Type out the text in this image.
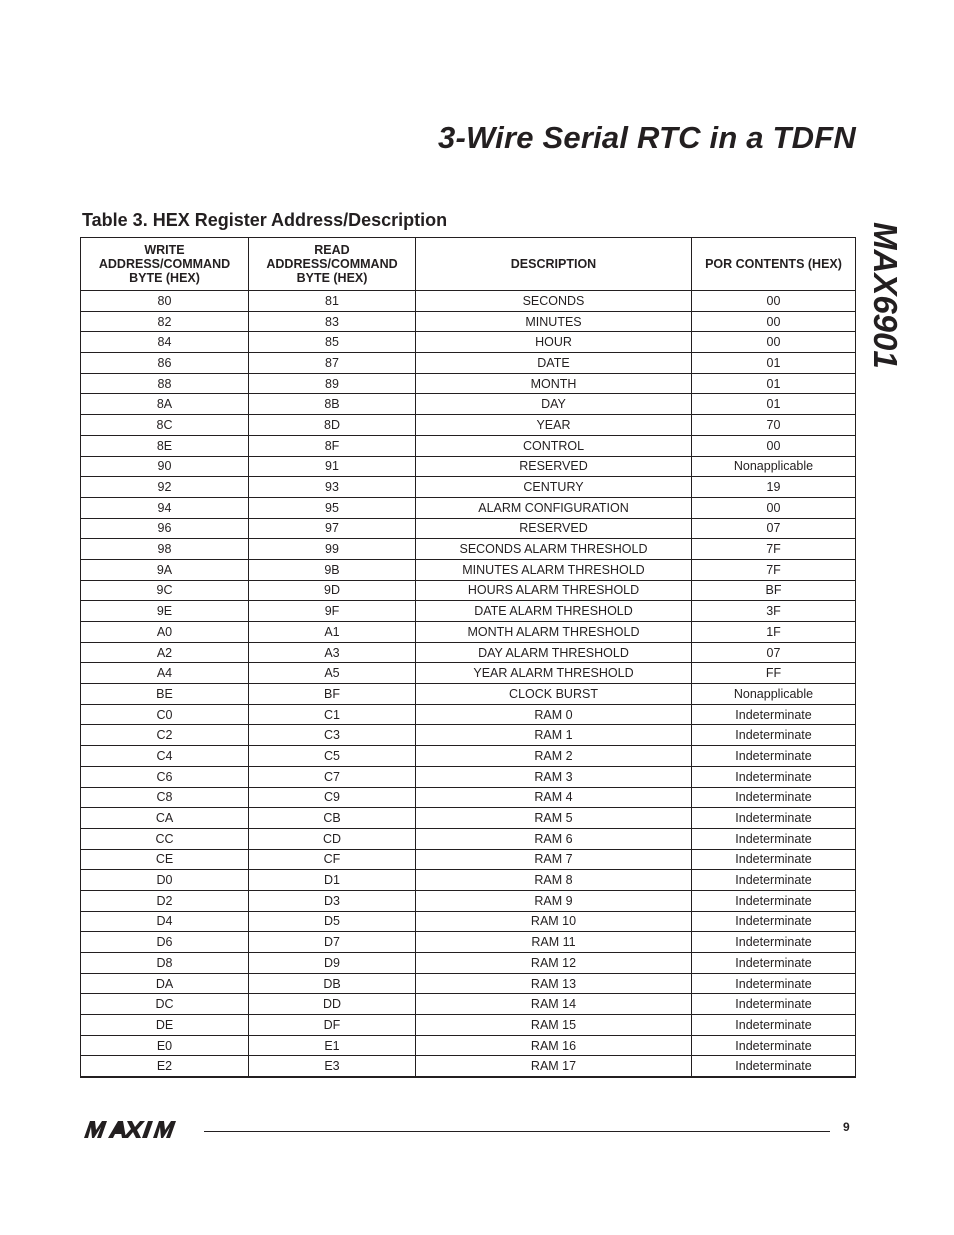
3-Wire Serial RTC in a TDFN
MAX6901
Table 3. HEX Register Address/Description
WRITE ADDRESS/COMMAND BYTE (HEX)	READ ADDRESS/COMMAND BYTE (HEX)	DESCRIPTION	POR CONTENTS (HEX)
80	81	SECONDS	00
82	83	MINUTES	00
84	85	HOUR	00
86	87	DATE	01
88	89	MONTH	01
8A	8B	DAY	01
8C	8D	YEAR	70
8E	8F	CONTROL	00
90	91	RESERVED	Nonapplicable
92	93	CENTURY	19
94	95	ALARM CONFIGURATION	00
96	97	RESERVED	07
98	99	SECONDS ALARM THRESHOLD	7F
9A	9B	MINUTES ALARM THRESHOLD	7F
9C	9D	HOURS ALARM THRESHOLD	BF
9E	9F	DATE ALARM THRESHOLD	3F
A0	A1	MONTH ALARM THRESHOLD	1F
A2	A3	DAY ALARM THRESHOLD	07
A4	A5	YEAR ALARM THRESHOLD	FF
BE	BF	CLOCK BURST	Nonapplicable
C0	C1	RAM 0	Indeterminate
C2	C3	RAM 1	Indeterminate
C4	C5	RAM 2	Indeterminate
C6	C7	RAM 3	Indeterminate
C8	C9	RAM 4	Indeterminate
CA	CB	RAM 5	Indeterminate
CC	CD	RAM 6	Indeterminate
CE	CF	RAM 7	Indeterminate
D0	D1	RAM 8	Indeterminate
D2	D3	RAM 9	Indeterminate
D4	D5	RAM 10	Indeterminate
D6	D7	RAM 11	Indeterminate
D8	D9	RAM 12	Indeterminate
DA	DB	RAM 13	Indeterminate
DC	DD	RAM 14	Indeterminate
DE	DF	RAM 15	Indeterminate
E0	E1	RAM 16	Indeterminate
E2	E3	RAM 17	Indeterminate
9
